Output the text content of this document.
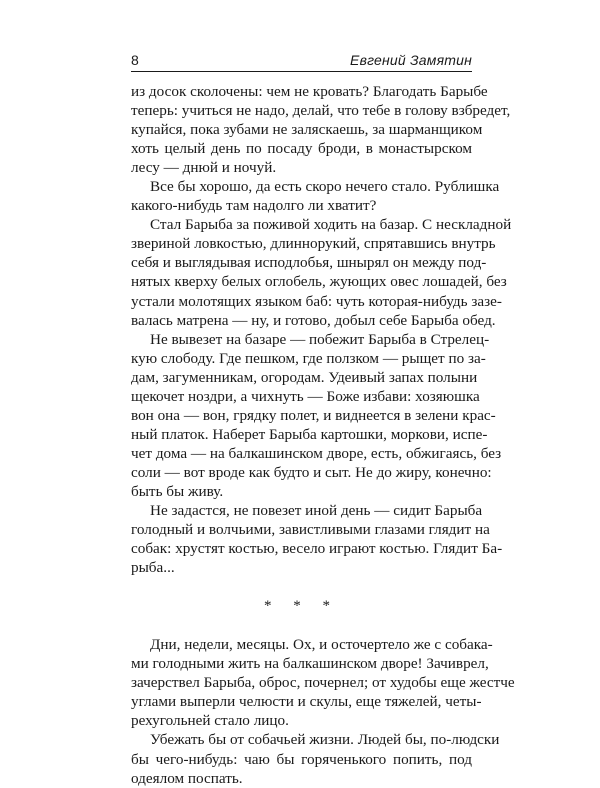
8	Евгений Замятин
из досок сколочены: чем не кровать? Благодать Барыбе
теперь: учиться не надо, делай, что тебе в голову взбредет,
купайся, пока зубами не заляскаешь, за шарманщиком
хоть целый день по посаду броди, в монастырском
лесу — днюй и ночуй.
Все бы хорошо, да есть скоро нечего стало. Рублишка
какого-нибудь там надолго ли хватит?
Стал Барыба за поживой ходить на базар. С нескладной
звериной ловкостью, длиннорукий, спрятавшись внутрь
себя и выглядывая исподлобья, шнырял он между под-
нятых кверху белых оглобель, жующих овес лошадей, без
устали молотящих языком баб: чуть которая-нибудь зазе-
валась матрена — ну, и готово, добыл себе Барыба обед.
Не вывезет на базаре — побежит Барыба в Стрелец-
кую слободу. Где пешком, где ползком — рыщет по за-
дам, загуменникам, огородам. Удеивый запах полыни
щекочет ноздри, а чихнуть — Боже избави: хозяюшка
вон она — вон, грядку полет, и виднеется в зелени крас-
ный платок. Наберет Барыба картошки, моркови, испе-
чет дома — на балкашинском дворе, есть, обжигаясь, без
соли — вот вроде как будто и сыт. Не до жиру, конечно:
быть бы живу.
Не задастся, не повезет иной день — сидит Барыба
голодный и волчьими, завистливыми глазами глядит на
собак: хрустят костью, весело играют костью. Глядит Ба-
рыба...
* * *
Дни, недели, месяцы. Ох, и осточертело же с собака-
ми голодными жить на балкашинском дворе! Зачиврел,
зачерствел Барыба, оброс, почернел; от худобы еще жестче
углами выперли челюсти и скулы, еще тяжелей, четы-
рехугольней стало лицо.
Убежать бы от собачьей жизни. Людей бы, по-людски
бы чего-нибудь: чаю бы горяченького попить, под
одеялом поспать.
